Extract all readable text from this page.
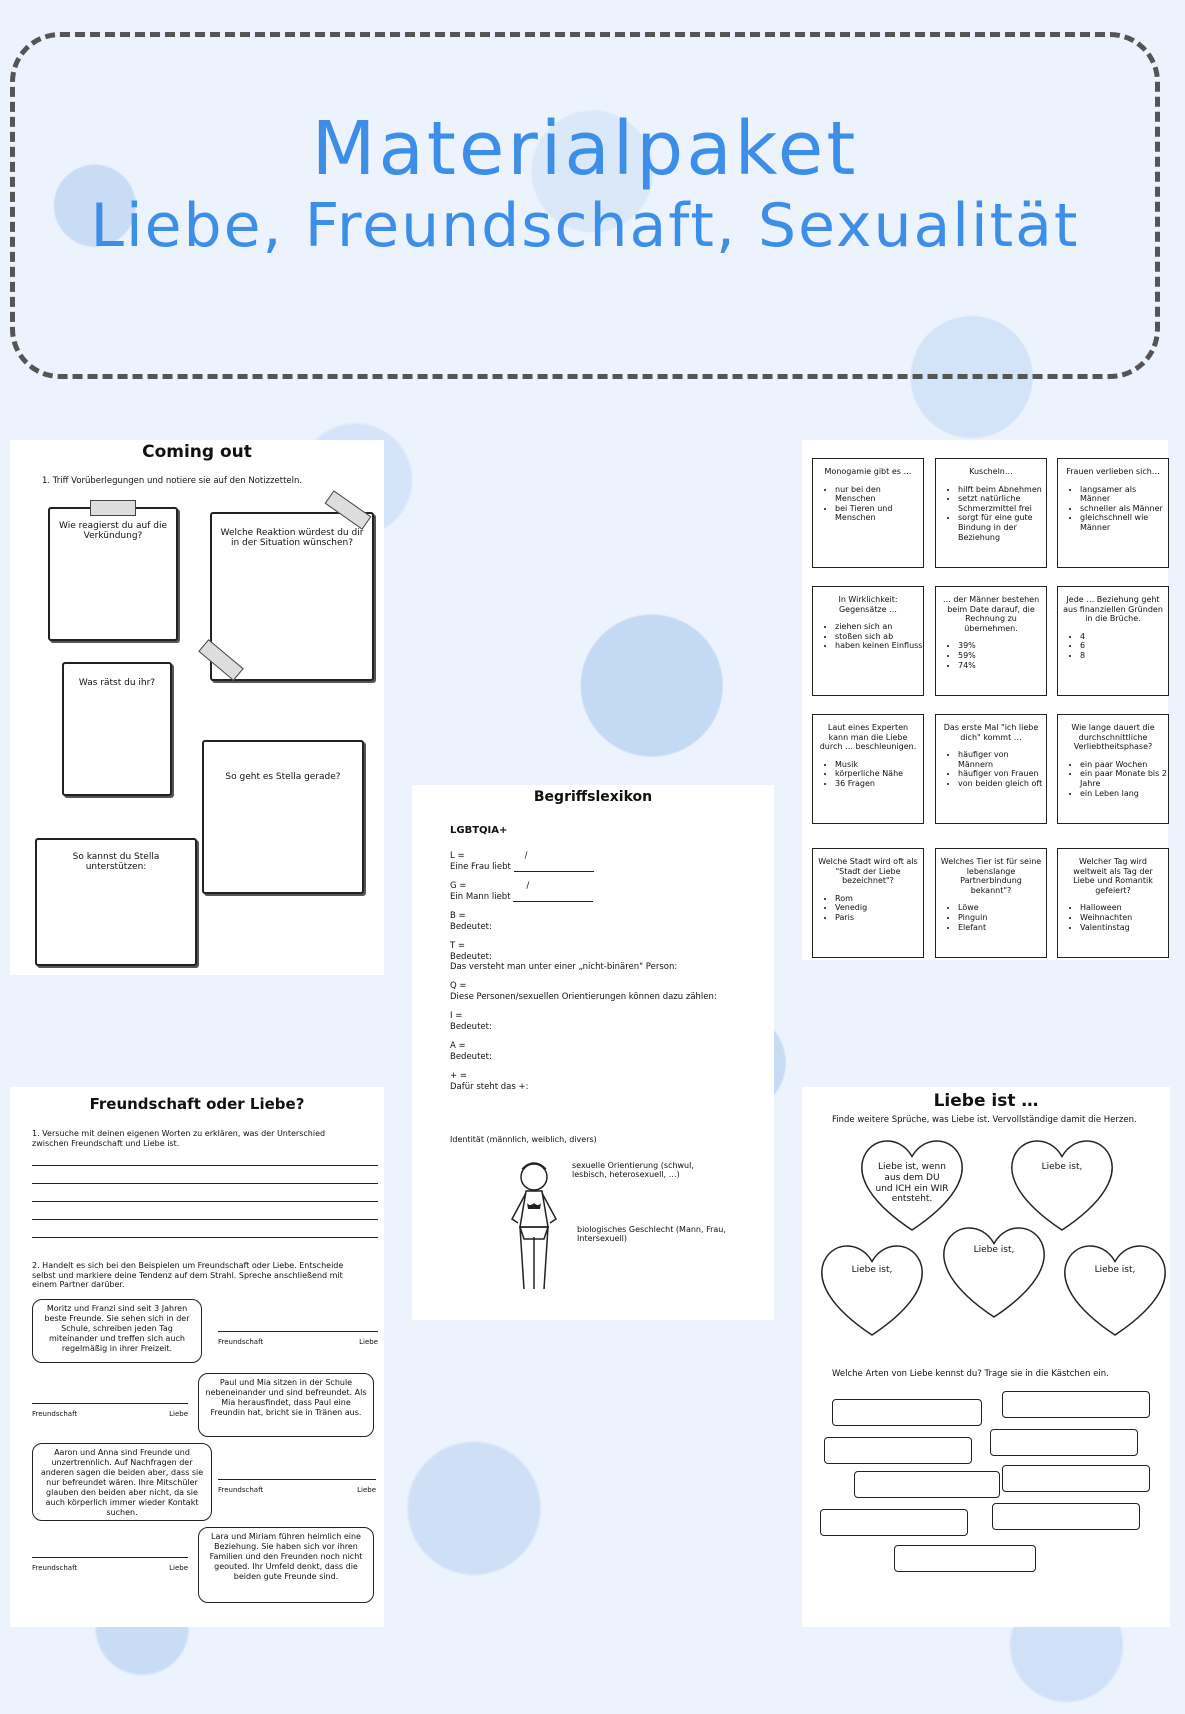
Materialpaket
Liebe, Freundschaft, Sexualität
Coming out
1. Triff Vorüberlegungen und notiere sie auf den Notizzetteln.
Wie reagierst du auf die Verkündung?	Welche Reaktion würdest du dir in der Situation wünschen?
Was rätst du ihr?
So geht es Stella gerade?
So kannst du Stella unterstützen:
Monogamie gibt es …
• nur bei den Menschen
• bei Tieren und Menschen
Kuscheln…
• hilft beim Abnehmen
• setzt natürliche Schmerzmittel frei
• sorgt für eine gute Bindung in der Beziehung
Frauen verlieben sich…
• langsamer als Männer
• schneller als Männer
• gleichschnell wie Männer
In Wirklichkeit: Gegensätze …
• ziehen sich an
• stoßen sich ab
• haben keinen Einfluss
… der Männer bestehen beim Date darauf, die Rechnung zu übernehmen.
• 39%
• 59%
• 74%
Jede … Beziehung geht aus finanziellen Gründen in die Brüche.
• 4
• 6
• 8
Laut eines Experten kann man die Liebe durch … beschleunigen.
• Musik
• körperliche Nähe
• 36 Fragen
Das erste Mal "ich liebe dich" kommt …
• häufiger von Männern
• häufiger von Frauen
• von beiden gleich oft
Wie lange dauert die durchschnittliche Verliebtheitsphase?
• ein paar Wochen
• ein paar Monate bis 2 Jahre
• ein Leben lang
Welche Stadt wird oft als "Stadt der Liebe bezeichnet"?
• Rom
• Venedig
• Paris
Welches Tier ist für seine lebenslange Partnerbindung bekannt"?
• Löwe
• Pinguin
• Elefant
Welcher Tag wird weltweit als Tag der Liebe und Romantik gefeiert?
• Halloween
• Weihnachten
• Valentinstag
Begriffslexikon
LGBTQIA+
L =	/
Eine Frau liebt
G =	/
Ein Mann liebt
B =
Bedeutet:
T =
Bedeutet:
Das versteht man unter einer „nicht-binären" Person:
Q =
Diese Personen/sexuellen Orientierungen können dazu zählen:
I =
Bedeutet:
A =
Bedeutet:
+ =
Dafür steht das +:
Identität (männlich, weiblich, divers)
sexuelle Orientierung (schwul, lesbisch, heterosexuell, …)
biologisches Geschlecht (Mann, Frau, Intersexuell)
Freundschaft oder Liebe?
1. Versuche mit deinen eigenen Worten zu erklären, was der Unterschied zwischen Freundschaft und Liebe ist.
2. Handelt es sich bei den Beispielen um Freundschaft oder Liebe. Entscheide selbst und markiere deine Tendenz auf dem Strahl. Spreche anschließend mit einem Partner darüber.
Moritz und Franzi sind seit 3 Jahren beste Freunde. Sie sehen sich in der Schule, schreiben jeden Tag miteinander und treffen sich auch regelmäßig in ihrer Freizeit.
Freundschaft	Liebe
Paul und Mia sitzen in der Schule nebeneinander und sind befreundet. Als Mia herausfindet, dass Paul eine Freundin hat, bricht sie in Tränen aus.
Freundschaft	Liebe
Aaron und Anna sind Freunde und unzertrennlich. Auf Nachfragen der anderen sagen die beiden aber, dass sie nur befreundet wären. Ihre Mitschüler glauben den beiden aber nicht, da sie auch körperlich immer wieder Kontakt suchen.
Freundschaft	Liebe
Lara und Miriam führen heimlich eine Beziehung. Sie haben sich vor ihren Familien und den Freunden noch nicht geouted. Ihr Umfeld denkt, dass die beiden gute Freunde sind.
Freundschaft	Liebe
Liebe ist …
Finde weitere Sprüche, was Liebe ist. Vervollständige damit die Herzen.
Liebe ist, wenn aus dem DU und ICH ein WIR entsteht.
Liebe ist,
Liebe ist,
Liebe ist,
Liebe ist,
Welche Arten von Liebe kennst du? Trage sie in die Kästchen ein.
